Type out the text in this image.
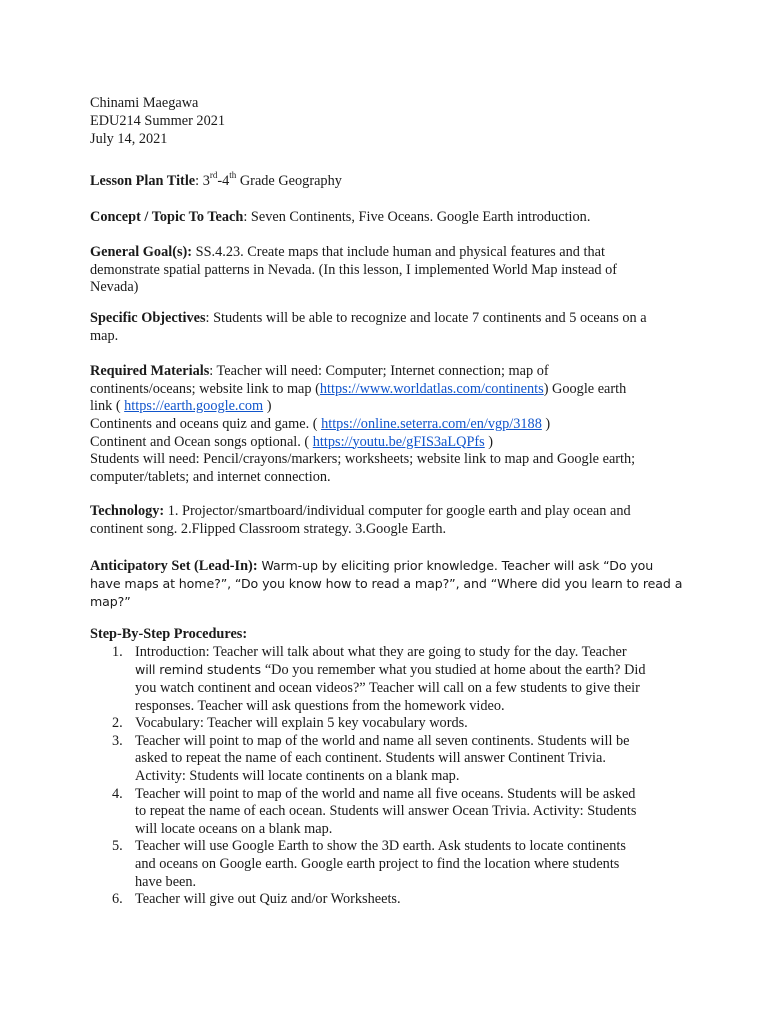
Chinami Maegawa
EDU214 Summer 2021
July 14, 2021
Lesson Plan Title: 3rd-4th Grade Geography
Concept / Topic To Teach: Seven Continents, Five Oceans. Google Earth introduction.
General Goal(s): SS.4.23. Create maps that include human and physical features and that
demonstrate spatial patterns in Nevada. (In this lesson, I implemented World Map instead of
Nevada)
Specific Objectives: Students will be able to recognize and locate 7 continents and 5 oceans on a
map.
Required Materials: Teacher will need: Computer; Internet connection; map of
continents/oceans; website link to map (https://www.worldatlas.com/continents) Google earth
link ( https://earth.google.com )
Continents and oceans quiz and game. ( https://online.seterra.com/en/vgp/3188 )
Continent and Ocean songs optional. ( https://youtu.be/gFIS3aLQPfs )
Students will need: Pencil/crayons/markers; worksheets; website link to map and Google earth;
computer/tablets; and internet connection.
Technology: 1. Projector/smartboard/individual computer for google earth and play ocean and
continent song. 2.Flipped Classroom strategy. 3.Google Earth.
Anticipatory Set (Lead-In): Warm-up by eliciting prior knowledge. Teacher will ask “Do you
have maps at home?”, “Do you know how to read a map?”, and “Where did you learn to read a
map?”
Step-By-Step Procedures:
1. Introduction: Teacher will talk about what they are going to study for the day. Teacher
will remind students “Do you remember what you studied at home about the earth? Did
you watch continent and ocean videos?” Teacher will call on a few students to give their
responses. Teacher will ask questions from the homework video.
2. Vocabulary: Teacher will explain 5 key vocabulary words.
3. Teacher will point to map of the world and name all seven continents. Students will be
asked to repeat the name of each continent. Students will answer Continent Trivia.
Activity: Students will locate continents on a blank map.
4. Teacher will point to map of the world and name all five oceans. Students will be asked
to repeat the name of each ocean. Students will answer Ocean Trivia. Activity: Students
will locate oceans on a blank map.
5. Teacher will use Google Earth to show the 3D earth. Ask students to locate continents
and oceans on Google earth. Google earth project to find the location where students
have been.
6. Teacher will give out Quiz and/or Worksheets.
